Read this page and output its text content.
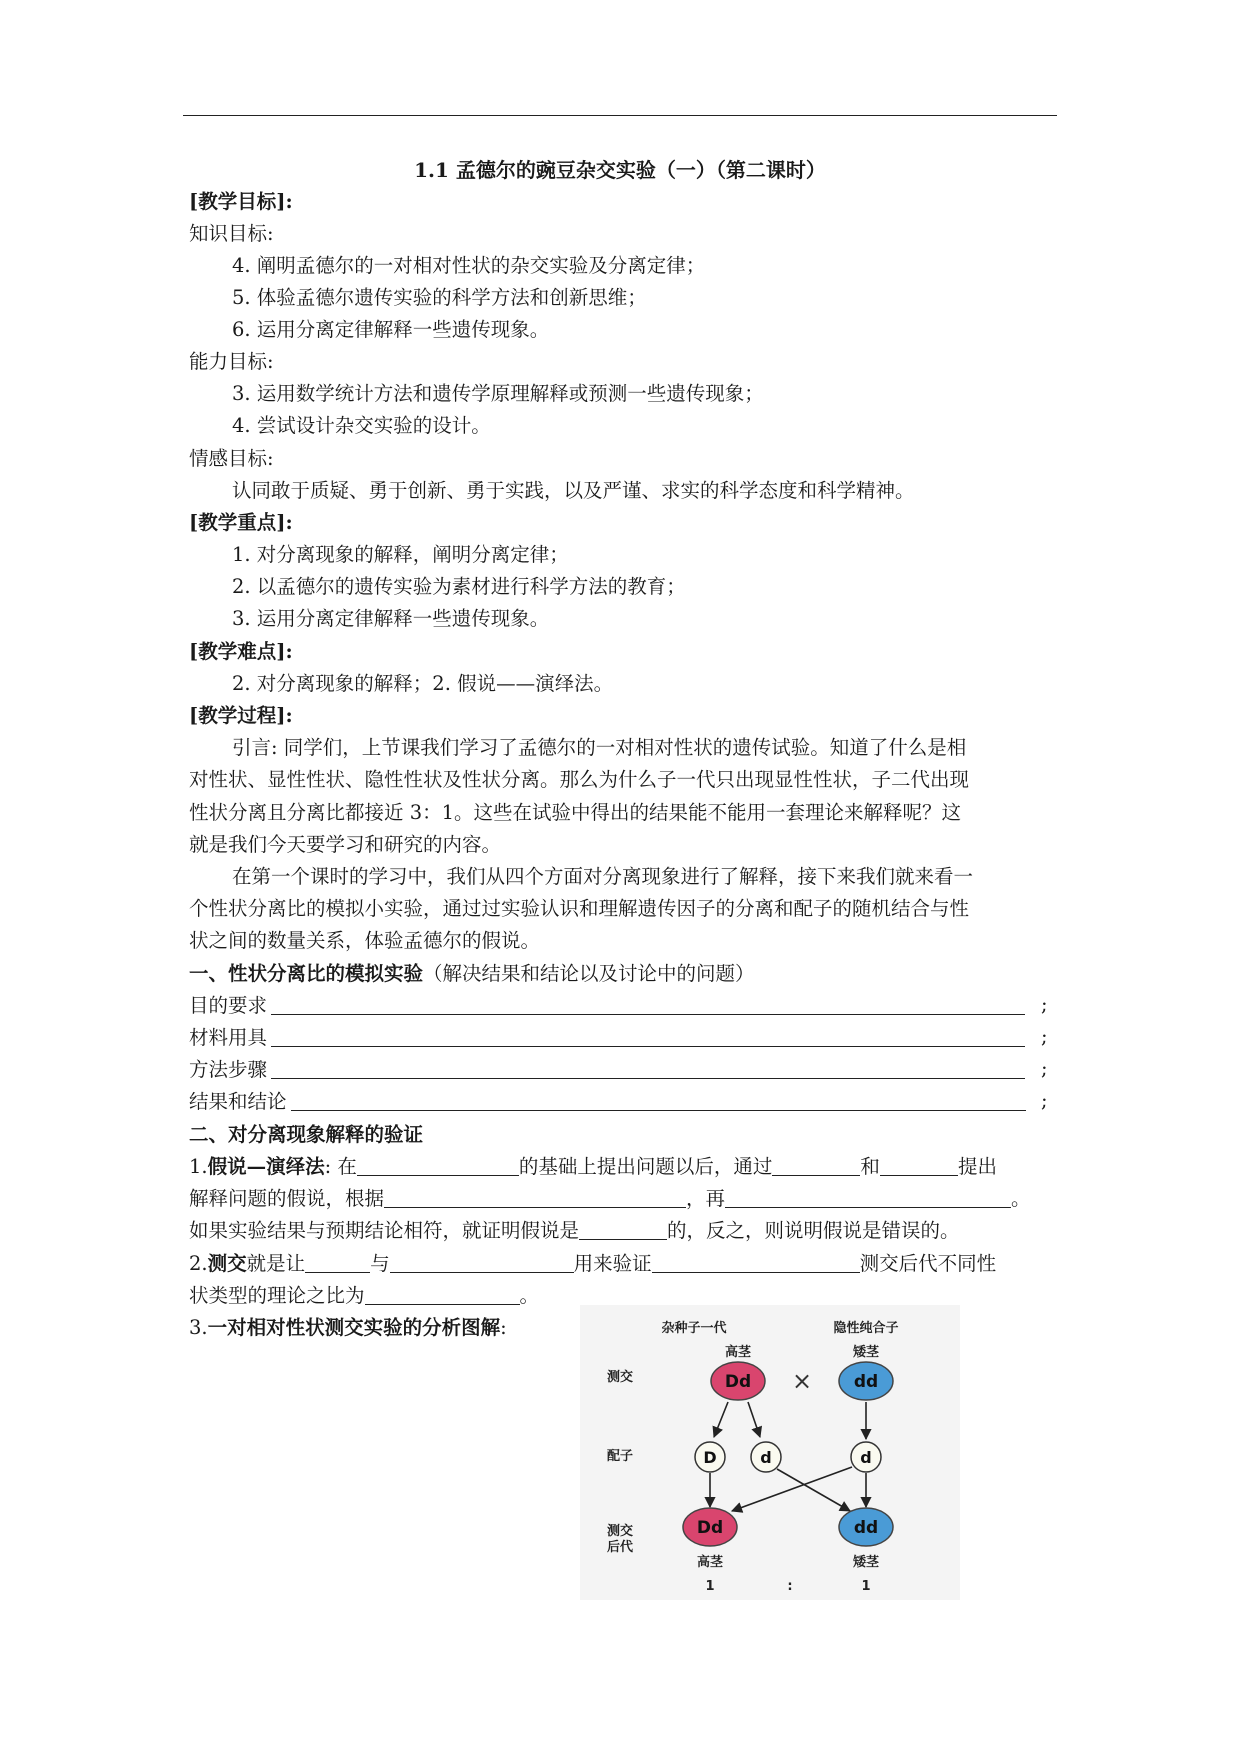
1.1 孟德尔的豌豆杂交实验（一）（第二课时）
[教学目标]:
知识目标:
4. 阐明孟德尔的一对相对性状的杂交实验及分离定律；
5. 体验孟德尔遗传实验的科学方法和创新思维；
6. 运用分离定律解释一些遗传现象。
能力目标:
3. 运用数学统计方法和遗传学原理解释或预测一些遗传现象；
4. 尝试设计杂交实验的设计。
情感目标:
认同敢于质疑、勇于创新、勇于实践，以及严谨、求实的科学态度和科学精神。
[教学重点]:
1. 对分离现象的解释，阐明分离定律；
2. 以孟德尔的遗传实验为素材进行科学方法的教育；
3. 运用分离定律解释一些遗传现象。
[教学难点]:
2. 对分离现象的解释；2. 假说——演绎法。
[教学过程]:
引言: 同学们，上节课我们学习了孟德尔的一对相对性状的遗传试验。知道了什么是相
对性状、显性性状、隐性性状及性状分离。那么为什么子一代只出现显性性状，子二代出现
性状分离且分离比都接近 3：1。这些在试验中得出的结果能不能用一套理论来解释呢？这
就是我们今天要学习和研究的内容。
在第一个课时的学习中，我们从四个方面对分离现象进行了解释，接下来我们就来看一
个性状分离比的模拟小实验，通过过实验认识和理解遗传因子的分离和配子的随机结合与性
状之间的数量关系，体验孟德尔的假说。
一、性状分离比的模拟实验（解决结果和结论以及讨论中的问题）
目的要求	;
材料用具	;
方法步骤	;
结果和结论	;
二、对分离现象解释的验证
1.假说—演绎法: 在	的基础上提出问题以后，通过	和	提出
解释问题的假说，根据	，再	。
如果实验结果与预期结论相符，就证明假说是	的，反之，则说明假说是错误的。
2.测交就是让	与	用来验证	测交后代不同性
状类型的理论之比为	。
3.一对相对性状测交实验的分析图解:	杂种子一代	隐性纯合子
高茎	矮茎
测交
配子
测交
后代
Dd × dd
D	d	d
Dd	dd
高茎	矮茎
1	:	1
